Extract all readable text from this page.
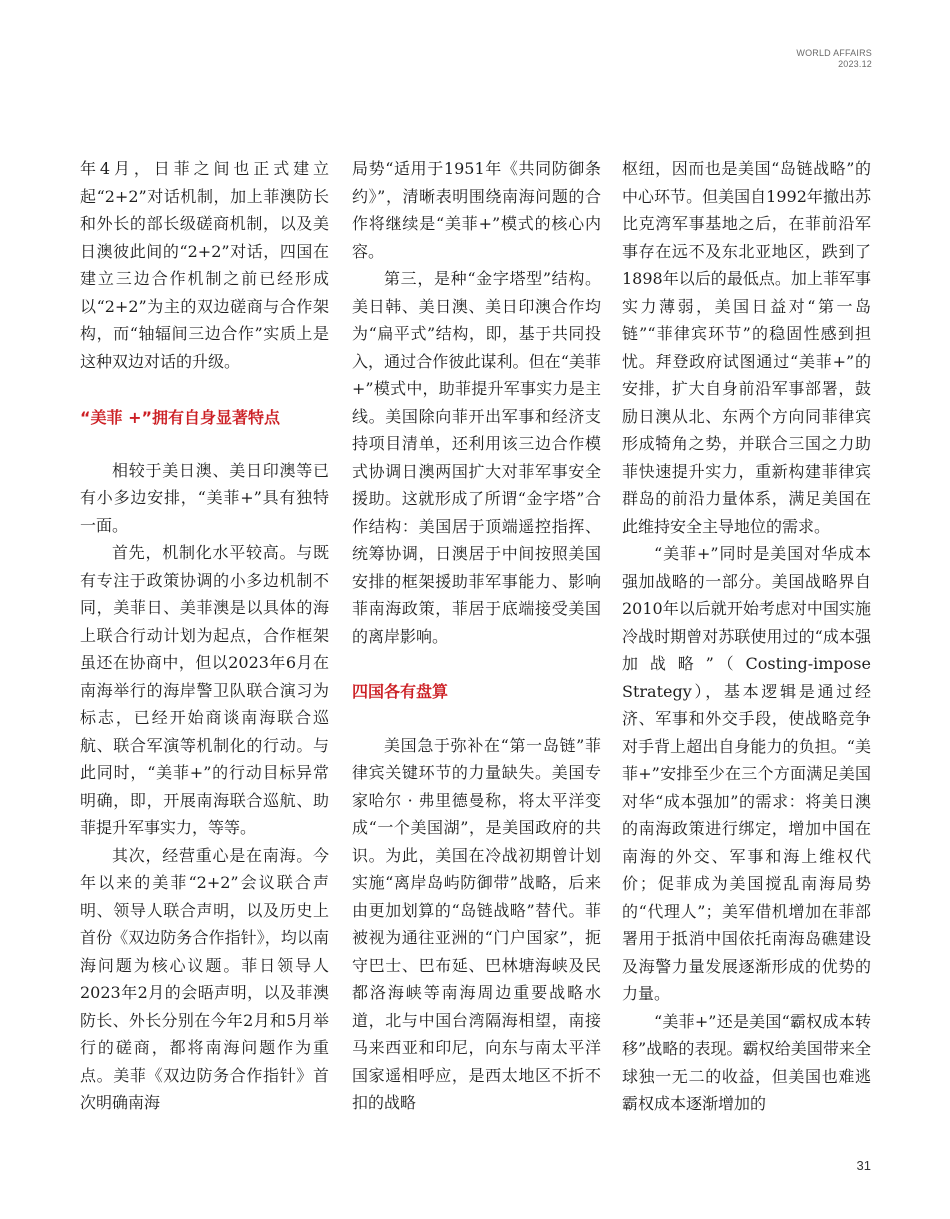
WORLD AFFAIRS
2023.12

年4月，日菲之间也正式建立起“2+2”对话机制，加上菲澳防长和外长的部长级磋商机制，以及美日澳彼此间的“2+2”对话，四国在建立三边合作机制之前已经形成以“2+2”为主的双边磋商与合作架构，而“轴辐间三边合作”实质上是这种双边对话的升级。

“美菲 +”拥有自身显著特点

相较于美日澳、美日印澳等已有小多边安排，“美菲+”具有独特一面。

首先，机制化水平较高。与既有专注于政策协调的小多边机制不同，美菲日、美菲澳是以具体的海上联合行动计划为起点，合作框架虽还在协商中，但以2023年6月在南海举行的海岸警卫队联合演习为标志，已经开始商谈南海联合巡航、联合军演等机制化的行动。与此同时，“美菲+”的行动目标异常明确，即，开展南海联合巡航、助菲提升军事实力，等等。

其次，经营重心是在南海。今年以来的美菲“2+2”会议联合声明、领导人联合声明，以及历史上首份《双边防务合作指针》，均以南海问题为核心议题。菲日领导人2023年2月的会晤声明，以及菲澳防长、外长分别在今年2月和5月举行的磋商，都将南海问题作为重点。美菲《双边防务合作指针》首次明确南海

局势“适用于1951年《共同防御条约》”，清晰表明围绕南海问题的合作将继续是“美菲+”模式的核心内容。

第三，是种“金字塔型”结构。美日韩、美日澳、美日印澳合作均为“扁平式”结构，即，基于共同投入，通过合作彼此谋利。但在“美菲+”模式中，助菲提升军事实力是主线。美国除向菲开出军事和经济支持项目清单，还利用该三边合作模式协调日澳两国扩大对菲军事安全援助。这就形成了所谓“金字塔”合作结构：美国居于顶端遥控指挥、统筹协调，日澳居于中间按照美国安排的框架援助菲军事能力、影响菲南海政策，菲居于底端接受美国的离岸影响。

四国各有盘算

美国急于弥补在“第一岛链”菲律宾关键环节的力量缺失。美国专家哈尔 · 弗里德曼称，将太平洋变成“一个美国湖”，是美国政府的共识。为此，美国在冷战初期曾计划实施“离岸岛屿防御带”战略，后来由更加划算的“岛链战略”替代。菲被视为通往亚洲的“门户国家”，扼守巴士、巴布延、巴林塘海峡及民都洛海峡等南海周边重要战略水道，北与中国台湾隔海相望，南接马来西亚和印尼，向东与南太平洋国家遥相呼应，是西太地区不折不扣的战略

枢纽，因而也是美国“岛链战略”的中心环节。但美国自1992年撤出苏比克湾军事基地之后，在菲前沿军事存在远不及东北亚地区，跌到了1898年以后的最低点。加上菲军事实力薄弱，美国日益对“第一岛链”“菲律宾环节”的稳固性感到担忧。拜登政府试图通过“美菲+”的安排，扩大自身前沿军事部署，鼓励日澳从北、东两个方向同菲律宾形成犄角之势，并联合三国之力助菲快速提升实力，重新构建菲律宾群岛的前沿力量体系，满足美国在此维持安全主导地位的需求。

“美菲+”同时是美国对华成本强加战略的一部分。美国战略界自2010年以后就开始考虑对中国实施冷战时期曾对苏联使用过的“成本强加战略”（Costing-impose Strategy），基本逻辑是通过经济、军事和外交手段，使战略竞争对手背上超出自身能力的负担。“美菲+”安排至少在三个方面满足美国对华“成本强加”的需求：将美日澳的南海政策进行绑定，增加中国在南海的外交、军事和海上维权代价；促菲成为美国搅乱南海局势的“代理人”；美军借机增加在菲部署用于抵消中国依托南海岛礁建设及海警力量发展逐渐形成的优势的力量。

“美菲+”还是美国“霸权成本转移”战略的表现。霸权给美国带来全球独一无二的收益，但美国也难逃霸权成本逐渐增加的

31
